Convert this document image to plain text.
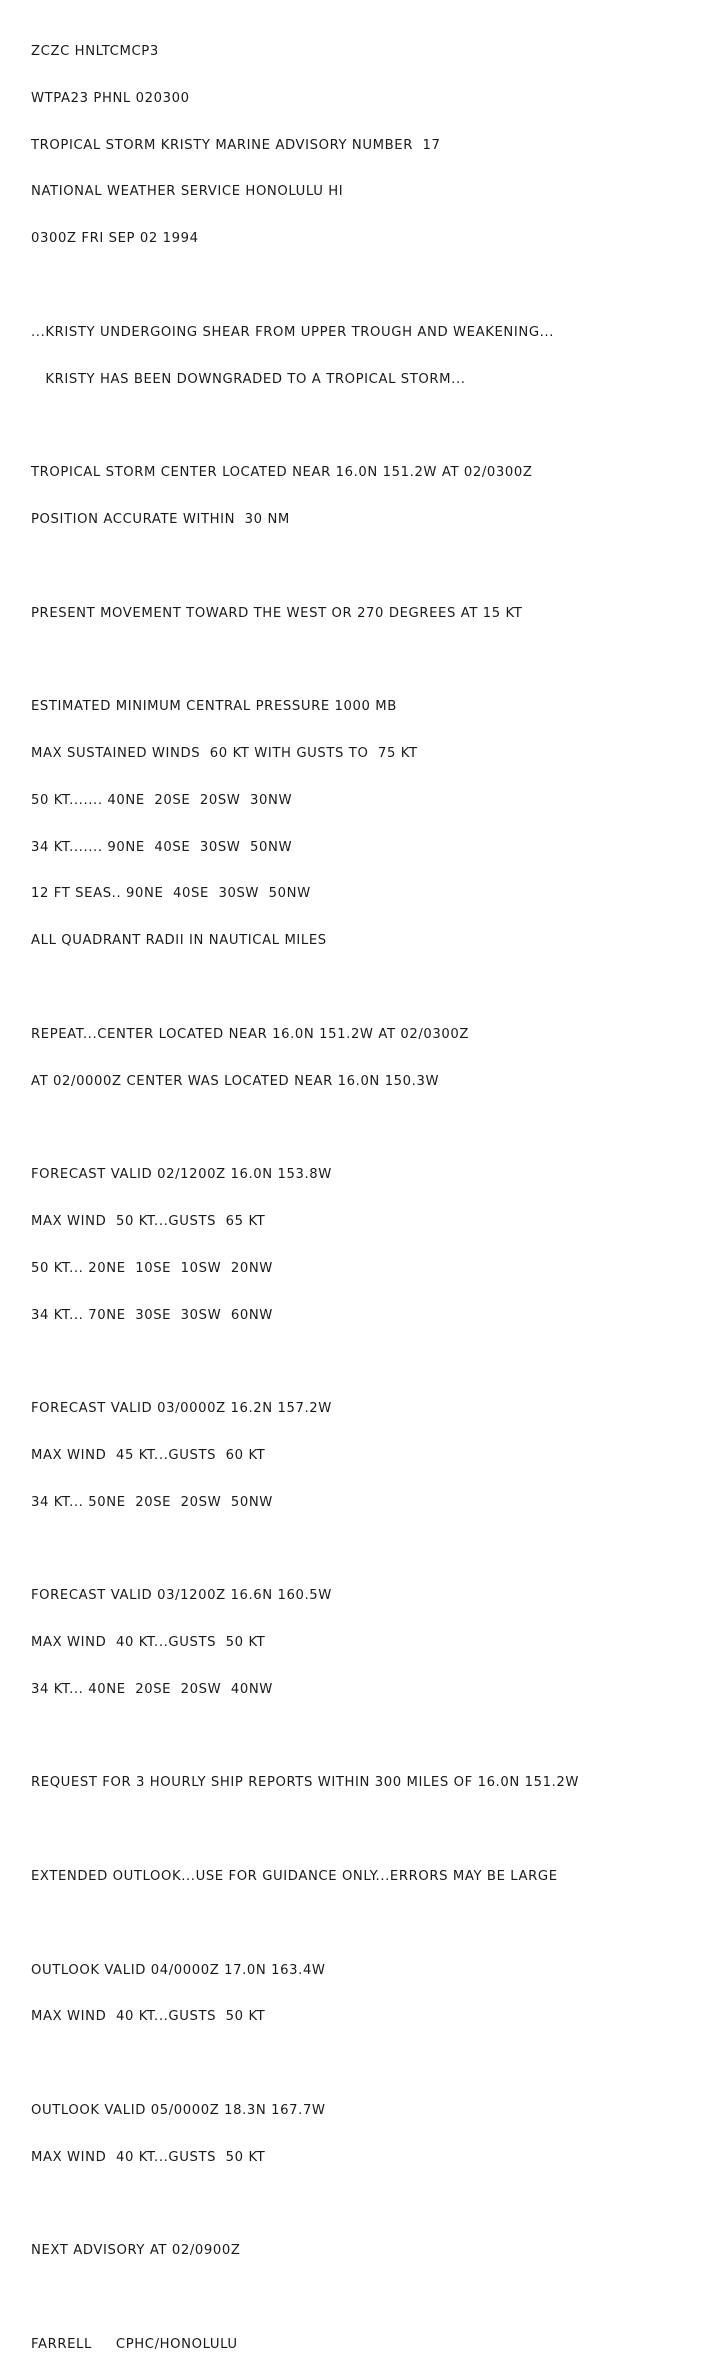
ZCZC HNLTCMCP3

WTPA23 PHNL 020300

TROPICAL STORM KRISTY MARINE ADVISORY NUMBER  17

NATIONAL WEATHER SERVICE HONOLULU HI

0300Z FRI SEP 02 1994

...KRISTY UNDERGOING SHEAR FROM UPPER TROUGH AND WEAKENING...

KRISTY HAS BEEN DOWNGRADED TO A TROPICAL STORM...

TROPICAL STORM CENTER LOCATED NEAR 16.0N 151.2W AT 02/0300Z

POSITION ACCURATE WITHIN  30 NM

PRESENT MOVEMENT TOWARD THE WEST OR 270 DEGREES AT 15 KT

ESTIMATED MINIMUM CENTRAL PRESSURE 1000 MB

MAX SUSTAINED WINDS  60 KT WITH GUSTS TO  75 KT

50 KT....... 40NE  20SE  20SW  30NW

34 KT....... 90NE  40SE  30SW  50NW

12 FT SEAS.. 90NE  40SE  30SW  50NW

ALL QUADRANT RADII IN NAUTICAL MILES

REPEAT...CENTER LOCATED NEAR 16.0N 151.2W AT 02/0300Z

AT 02/0000Z CENTER WAS LOCATED NEAR 16.0N 150.3W

FORECAST VALID 02/1200Z 16.0N 153.8W

MAX WIND  50 KT...GUSTS  65 KT

50 KT... 20NE  10SE  10SW  20NW

34 KT... 70NE  30SE  30SW  60NW

FORECAST VALID 03/0000Z 16.2N 157.2W

MAX WIND  45 KT...GUSTS  60 KT

34 KT... 50NE  20SE  20SW  50NW

FORECAST VALID 03/1200Z 16.6N 160.5W

MAX WIND  40 KT...GUSTS  50 KT

34 KT... 40NE  20SE  20SW  40NW

REQUEST FOR 3 HOURLY SHIP REPORTS WITHIN 300 MILES OF 16.0N 151.2W

EXTENDED OUTLOOK...USE FOR GUIDANCE ONLY...ERRORS MAY BE LARGE

OUTLOOK VALID 04/0000Z 17.0N 163.4W

MAX WIND  40 KT...GUSTS  50 KT

OUTLOOK VALID 05/0000Z 18.3N 167.7W

MAX WIND  40 KT...GUSTS  50 KT

NEXT ADVISORY AT 02/0900Z

FARRELL     CPHC/HONOLULU
